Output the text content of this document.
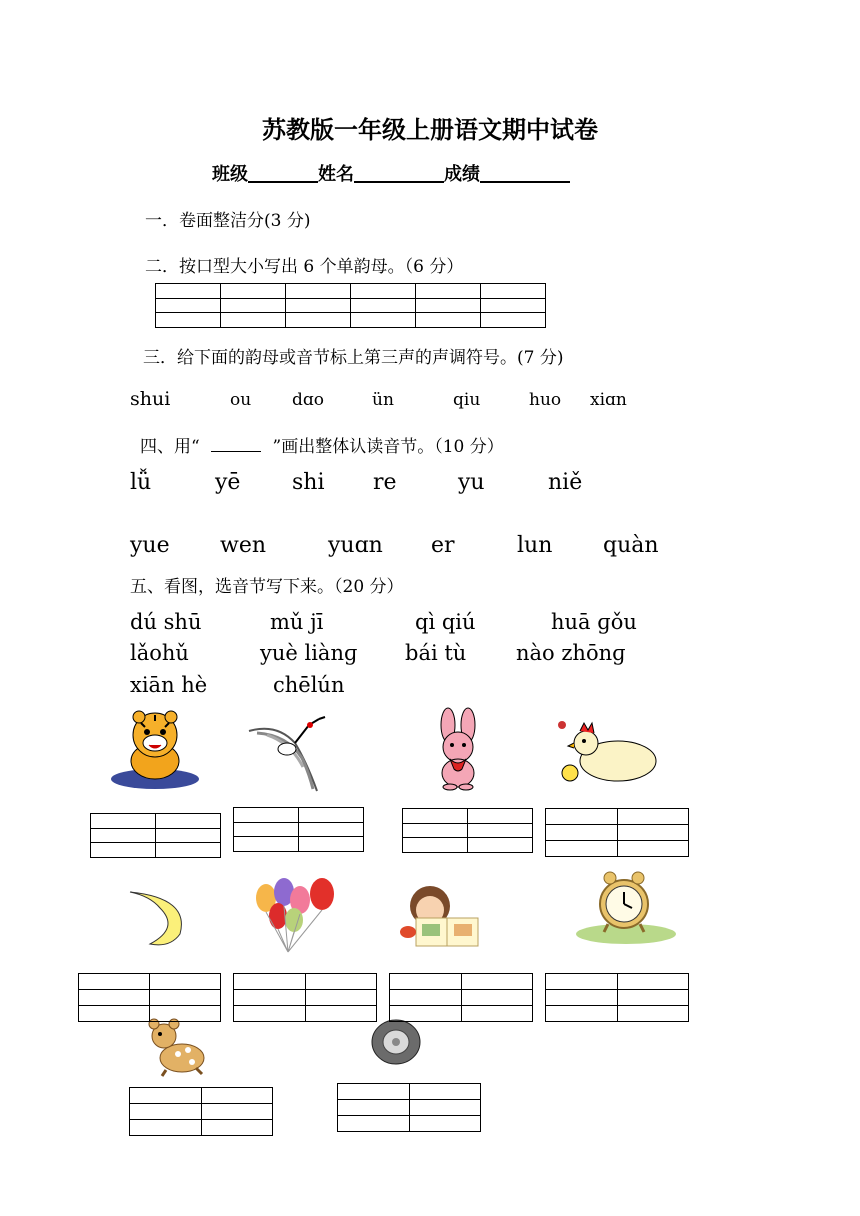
苏教版一年级上册语文期中试卷
班级	姓名	成绩
一．卷面整洁分(3 分)
二．按口型大小写出 6 个单韵母。（6 分）

三．给下面的韵母或音节标上第三声的声调符号。(7 分)
shui	ou dɑo	ün	qiu	huo xiɑn
四、用“	”画出整体认读音节。（10 分）
lǚ	yē shi re	yu	niě
yue wen	yuɑn er	lun quàn
五、看图，选音节写下来。（20 分）
dú shū	mǔ jī	qì qiú	huā ɡǒu
lǎohǔ	yuè liànɡ bái tù nào zhōnɡ
xiān hè	chēlún
